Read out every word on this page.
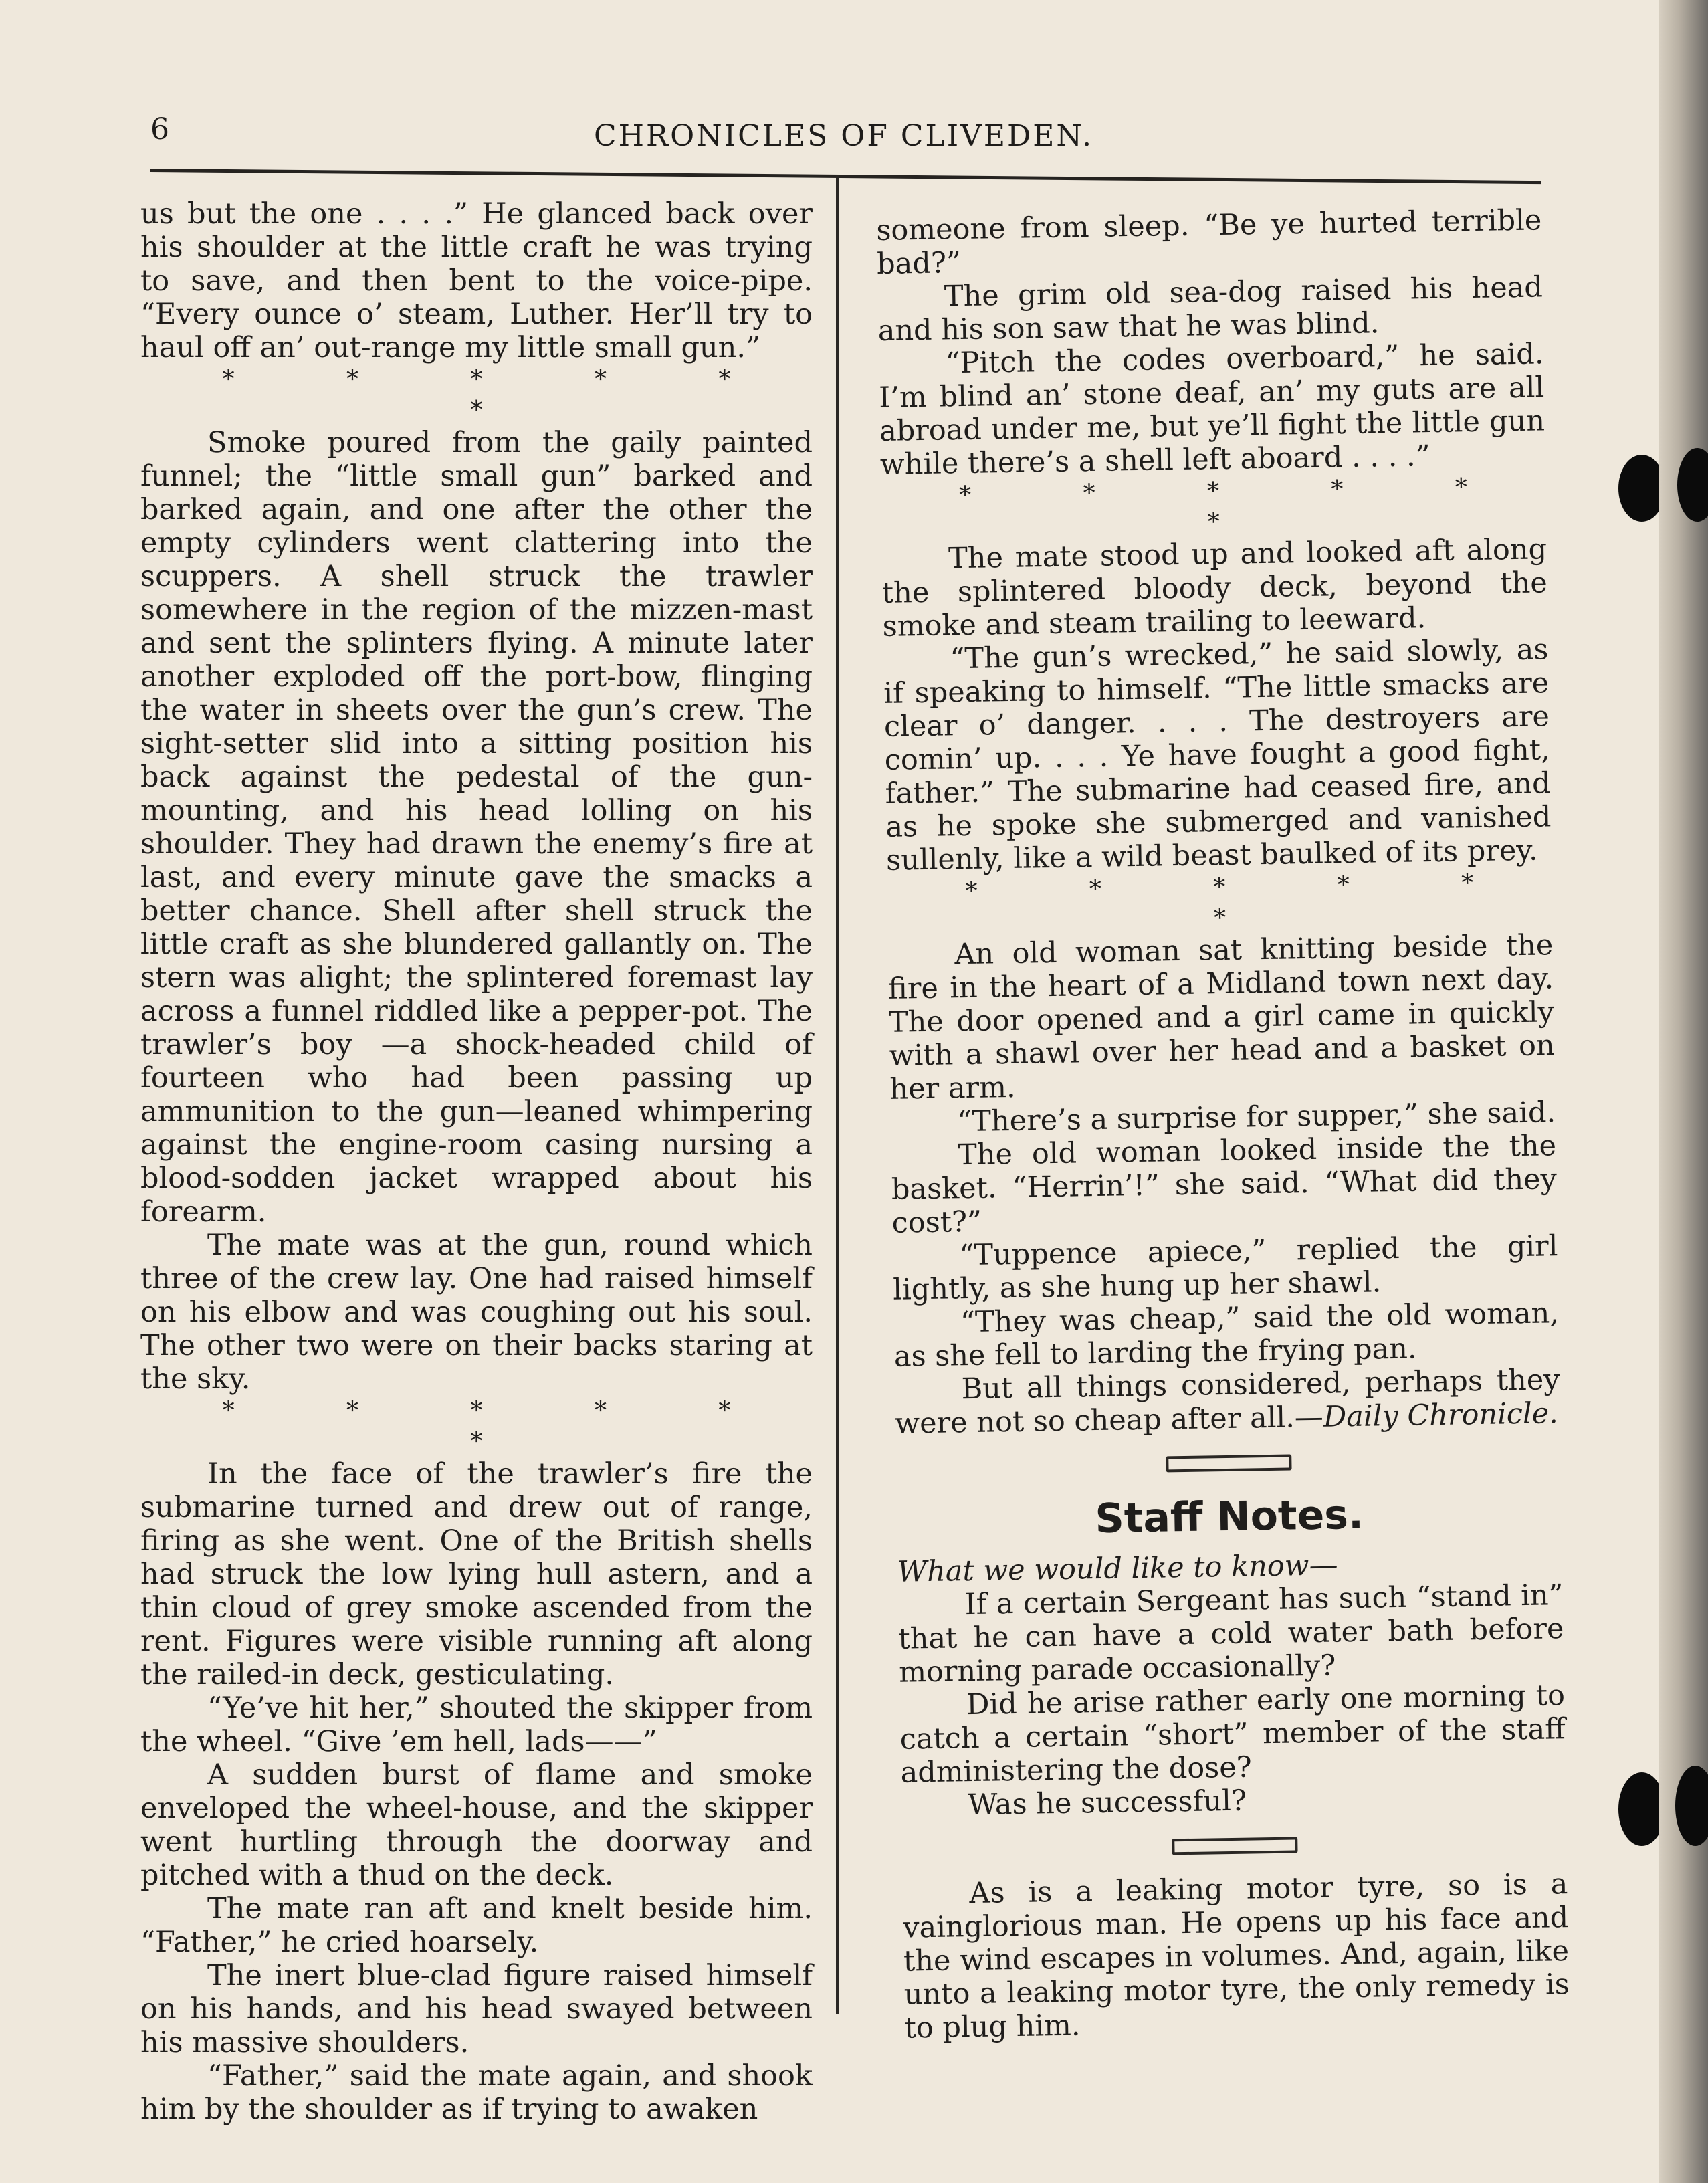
6	CHRONICLES OF CLIVEDEN.

us but the one . . . .” He glanced back over his shoulder at the little craft he was trying to save, and then bent to the voice-pipe. “Every ounce o’ steam, Luther. Her’ll try to haul off an’ out-range my little small gun.”

* * * * * *

Smoke poured from the gaily painted funnel; the “little small gun” barked and barked again, and one after the other the empty cylinders went clattering into the scuppers. A shell struck the trawler somewhere in the region of the mizzen-mast and sent the splinters flying. A minute later another exploded off the port-bow, flinging the water in sheets over the gun’s crew. The sight-setter slid into a sitting position his back against the pedestal of the gun-mounting, and his head lolling on his shoulder. They had drawn the enemy’s fire at last, and every minute gave the smacks a better chance. Shell after shell struck the little craft as she blundered gallantly on. The stern was alight; the splintered foremast lay across a funnel riddled like a pepper-pot. The trawler’s boy —a shock-headed child of fourteen who had been passing up ammunition to the gun—leaned whimpering against the engine-room casing nursing a blood-sodden jacket wrapped about his forearm.

The mate was at the gun, round which three of the crew lay. One had raised himself on his elbow and was coughing out his soul. The other two were on their backs staring at the sky.

* * * * * *

In the face of the trawler’s fire the submarine turned and drew out of range, firing as she went. One of the British shells had struck the low lying hull astern, and a thin cloud of grey smoke ascended from the rent. Figures were visible running aft along the railed-in deck, gesticulating.

“Ye’ve hit her,” shouted the skipper from the wheel. “Give ’em hell, lads——”

A sudden burst of flame and smoke enveloped the wheel-house, and the skipper went hurtling through the doorway and pitched with a thud on the deck.

The mate ran aft and knelt beside him. “Father,” he cried hoarsely.

The inert blue-clad figure raised himself on his hands, and his head swayed between his massive shoulders.

“Father,” said the mate again, and shook him by the shoulder as if trying to awaken

someone from sleep. “Be ye hurted terrible bad?”

The grim old sea-dog raised his head and his son saw that he was blind.

“Pitch the codes overboard,” he said. I’m blind an’ stone deaf, an’ my guts are all abroad under me, but ye’ll fight the little gun while there’s a shell left aboard . . . .”

* * * * * *

The mate stood up and looked aft along the splintered bloody deck, beyond the smoke and steam trailing to leeward.

“The gun’s wrecked,” he said slowly, as if speaking to himself. “The little smacks are clear o’ danger. . . . The destroyers are comin’ up. . . . Ye have fought a good fight, father.” The submarine had ceased fire, and as he spoke she submerged and vanished sullenly, like a wild beast baulked of its prey.

* * * * * *

An old woman sat knitting beside the fire in the heart of a Midland town next day. The door opened and a girl came in quickly with a shawl over her head and a basket on her arm.

“There’s a surprise for supper,” she said.

The old woman looked inside the the basket. “Herrin’!” she said. “What did they cost?”

“Tuppence apiece,” replied the girl lightly, as she hung up her shawl.

“They was cheap,” said the old woman, as she fell to larding the frying pan.

But all things considered, perhaps they were not so cheap after all.—Daily Chronicle.

Staff Notes.

What we would like to know—

If a certain Sergeant has such “stand in” that he can have a cold water bath before morning parade occasionally?

Did he arise rather early one morning to catch a certain “short” member of the staff administering the dose?

Was he successful?

As is a leaking motor tyre, so is a vainglorious man. He opens up his face and the wind escapes in volumes. And, again, like unto a leaking motor tyre, the only remedy is to plug him.
